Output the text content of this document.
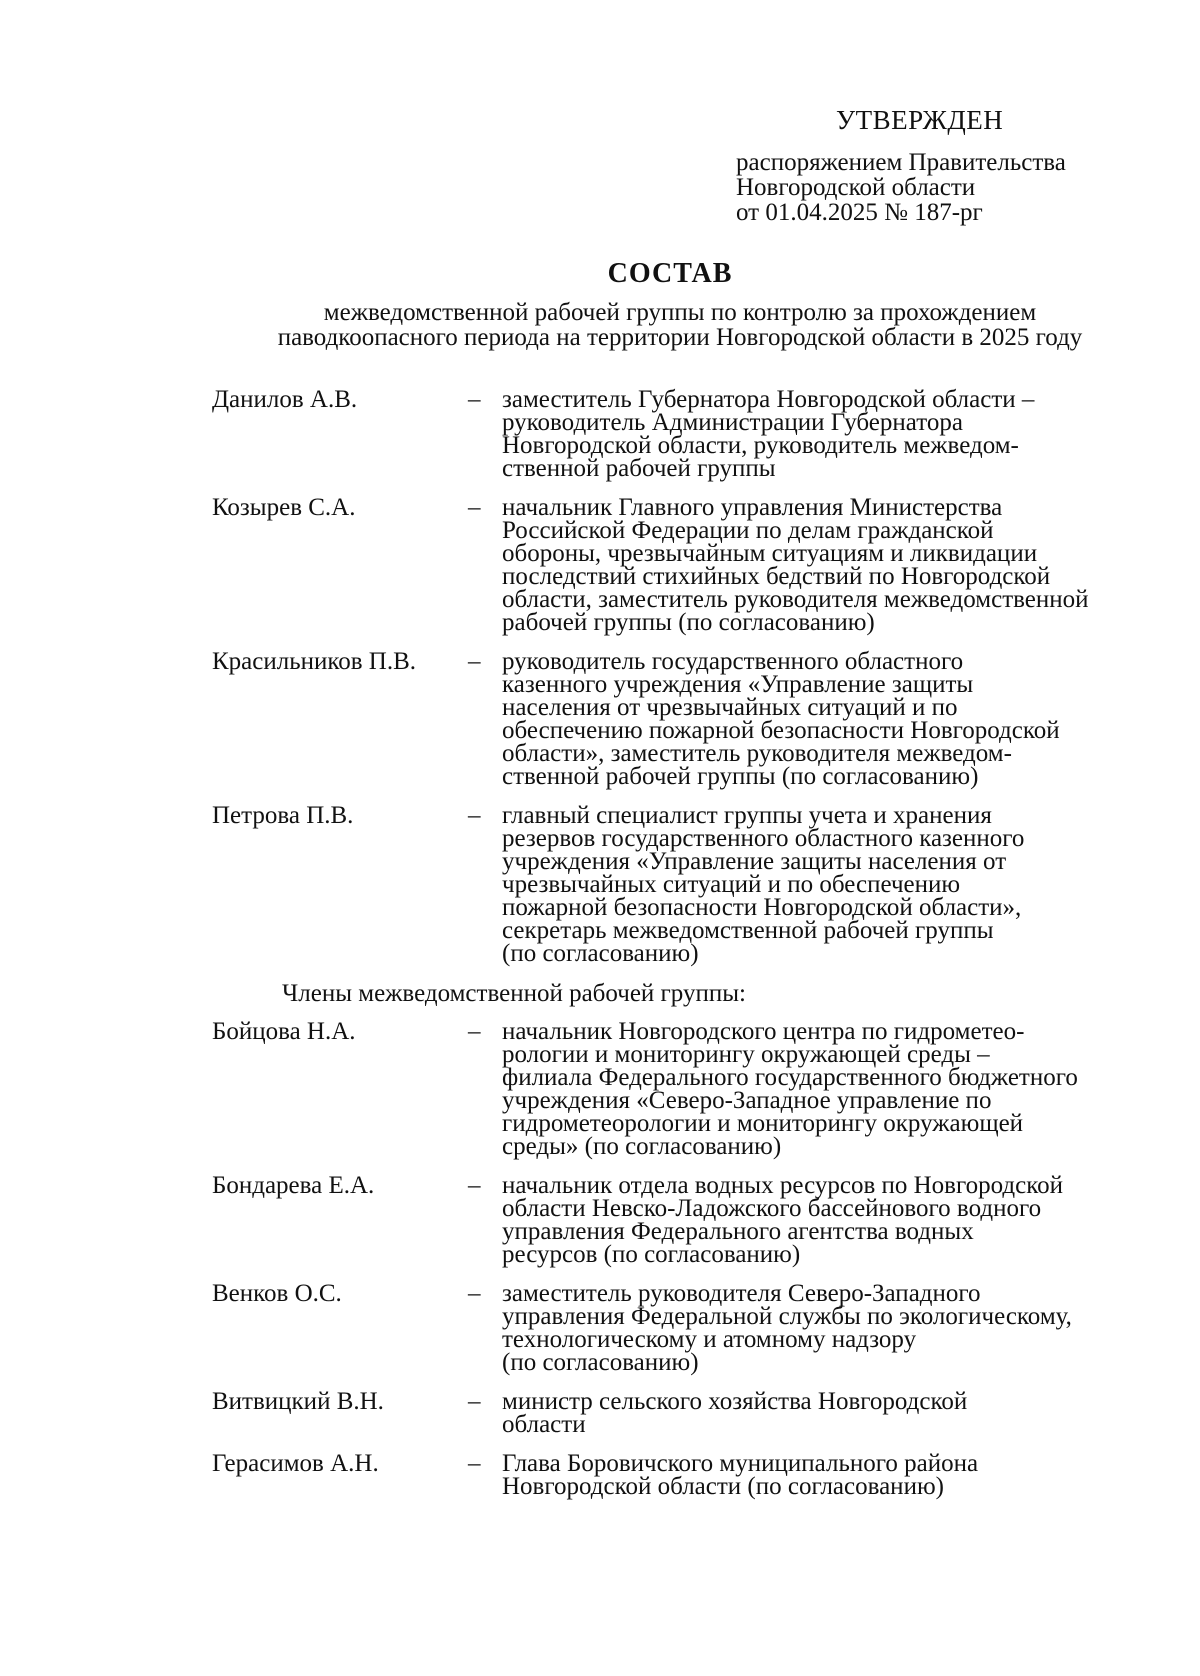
УТВЕРЖДЕН
распоряжением Правительства
Новгородской области
от 01.04.2025 № 187-рг
СОСТАВ
межведомственной рабочей группы по контролю за прохождением
паводкоопасного периода на территории Новгородской области в 2025 году
Данилов А.В.	– заместитель Губернатора Новгородской области –
руководитель Администрации Губернатора
Новгородской области, руководитель межведом-
ственной рабочей группы
Козырев С.А.	– начальник Главного управления Министерства
Российской Федерации по делам гражданской
обороны, чрезвычайным ситуациям и ликвидации
последствий стихийных бедствий по Новгородской
области, заместитель руководителя межведомственной
рабочей группы (по согласованию)
Красильников П.В.	– руководитель государственного областного
казенного учреждения «Управление защиты
населения от чрезвычайных ситуаций и по
обеспечению пожарной безопасности Новгородской
области», заместитель руководителя межведом-
ственной рабочей группы (по согласованию)
Петрова П.В.	– главный специалист группы учета и хранения
резервов государственного областного казенного
учреждения «Управление защиты населения от
чрезвычайных ситуаций и по обеспечению
пожарной безопасности Новгородской области»,
секретарь межведомственной рабочей группы
(по согласованию)
Члены межведомственной рабочей группы:
Бойцова Н.А.	– начальник Новгородского центра по гидрометео-
рологии и мониторингу окружающей среды –
филиала Федерального государственного бюджетного
учреждения «Северо-Западное управление по
гидрометеорологии и мониторингу окружающей
среды» (по согласованию)
Бондарева Е.А.	– начальник отдела водных ресурсов по Новгородской
области Невско-Ладожского бассейнового водного
управления Федерального агентства водных
ресурсов (по согласованию)
Венков О.С.	– заместитель руководителя Северо-Западного
управления Федеральной службы по экологическому,
технологическому и атомному надзору
(по согласованию)
Витвицкий В.Н.	– министр сельского хозяйства Новгородской
области
Герасимов А.Н.	– Глава Боровичского муниципального района
Новгородской области (по согласованию)
